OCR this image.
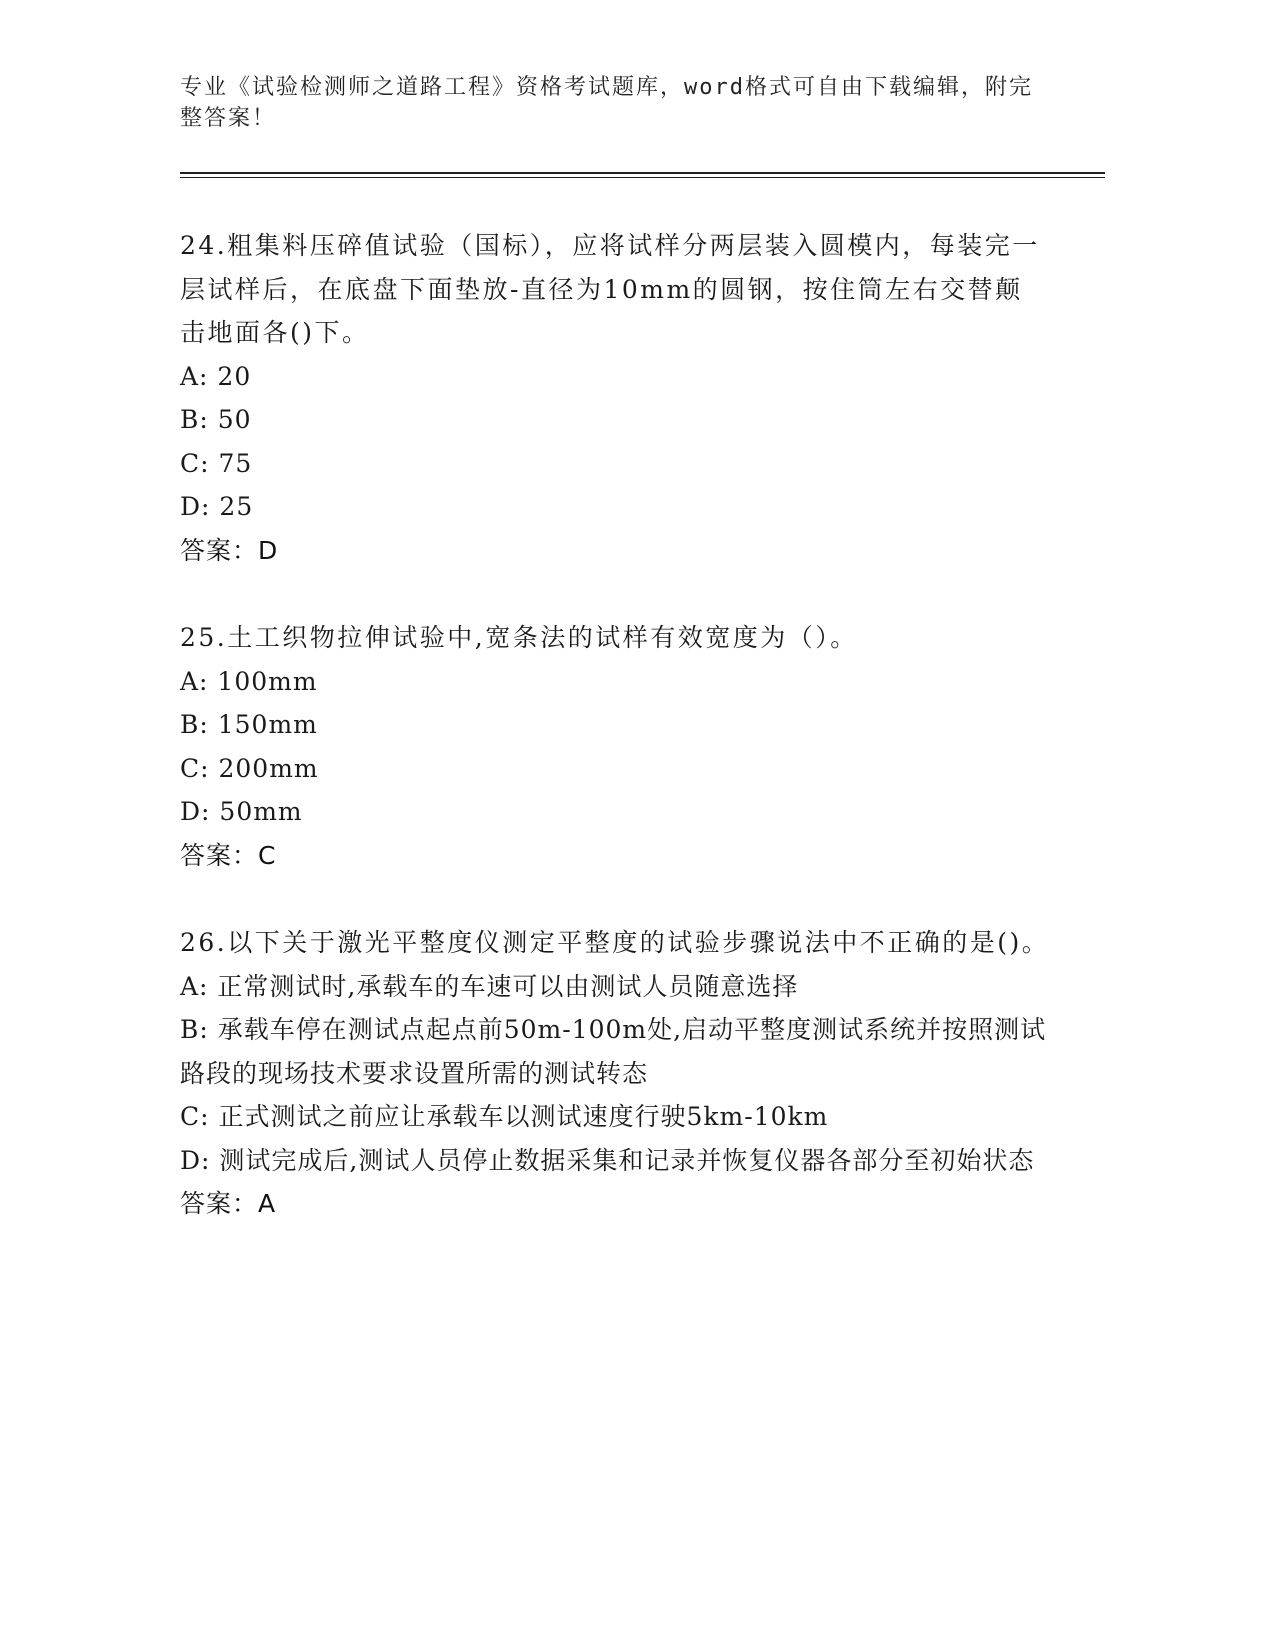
专业《试验检测师之道路工程》资格考试题库，word格式可自由下载编辑，附完
整答案！
24.粗集料压碎值试验（国标），应将试样分两层装入圆模内，每装完一层试样后，在底盘下面垫放-直径为10mm的圆钢，按住筒左右交替颠击地面各()下。
A: 20
B: 50
C: 75
D: 25
答案：D
25.土工织物拉伸试验中,宽条法的试样有效宽度为（）。
A: 100mm
B: 150mm
C: 200mm
D: 50mm
答案：C
26.以下关于激光平整度仪测定平整度的试验步骤说法中不正确的是()。
A: 正常测试时,承载车的车速可以由测试人员随意选择
B: 承载车停在测试点起点前50m-100m处,启动平整度测试系统并按照测试路段的现场技术要求设置所需的测试转态
C: 正式测试之前应让承载车以测试速度行驶5km-10km
D: 测试完成后,测试人员停止数据采集和记录并恢复仪器各部分至初始状态
答案：A
